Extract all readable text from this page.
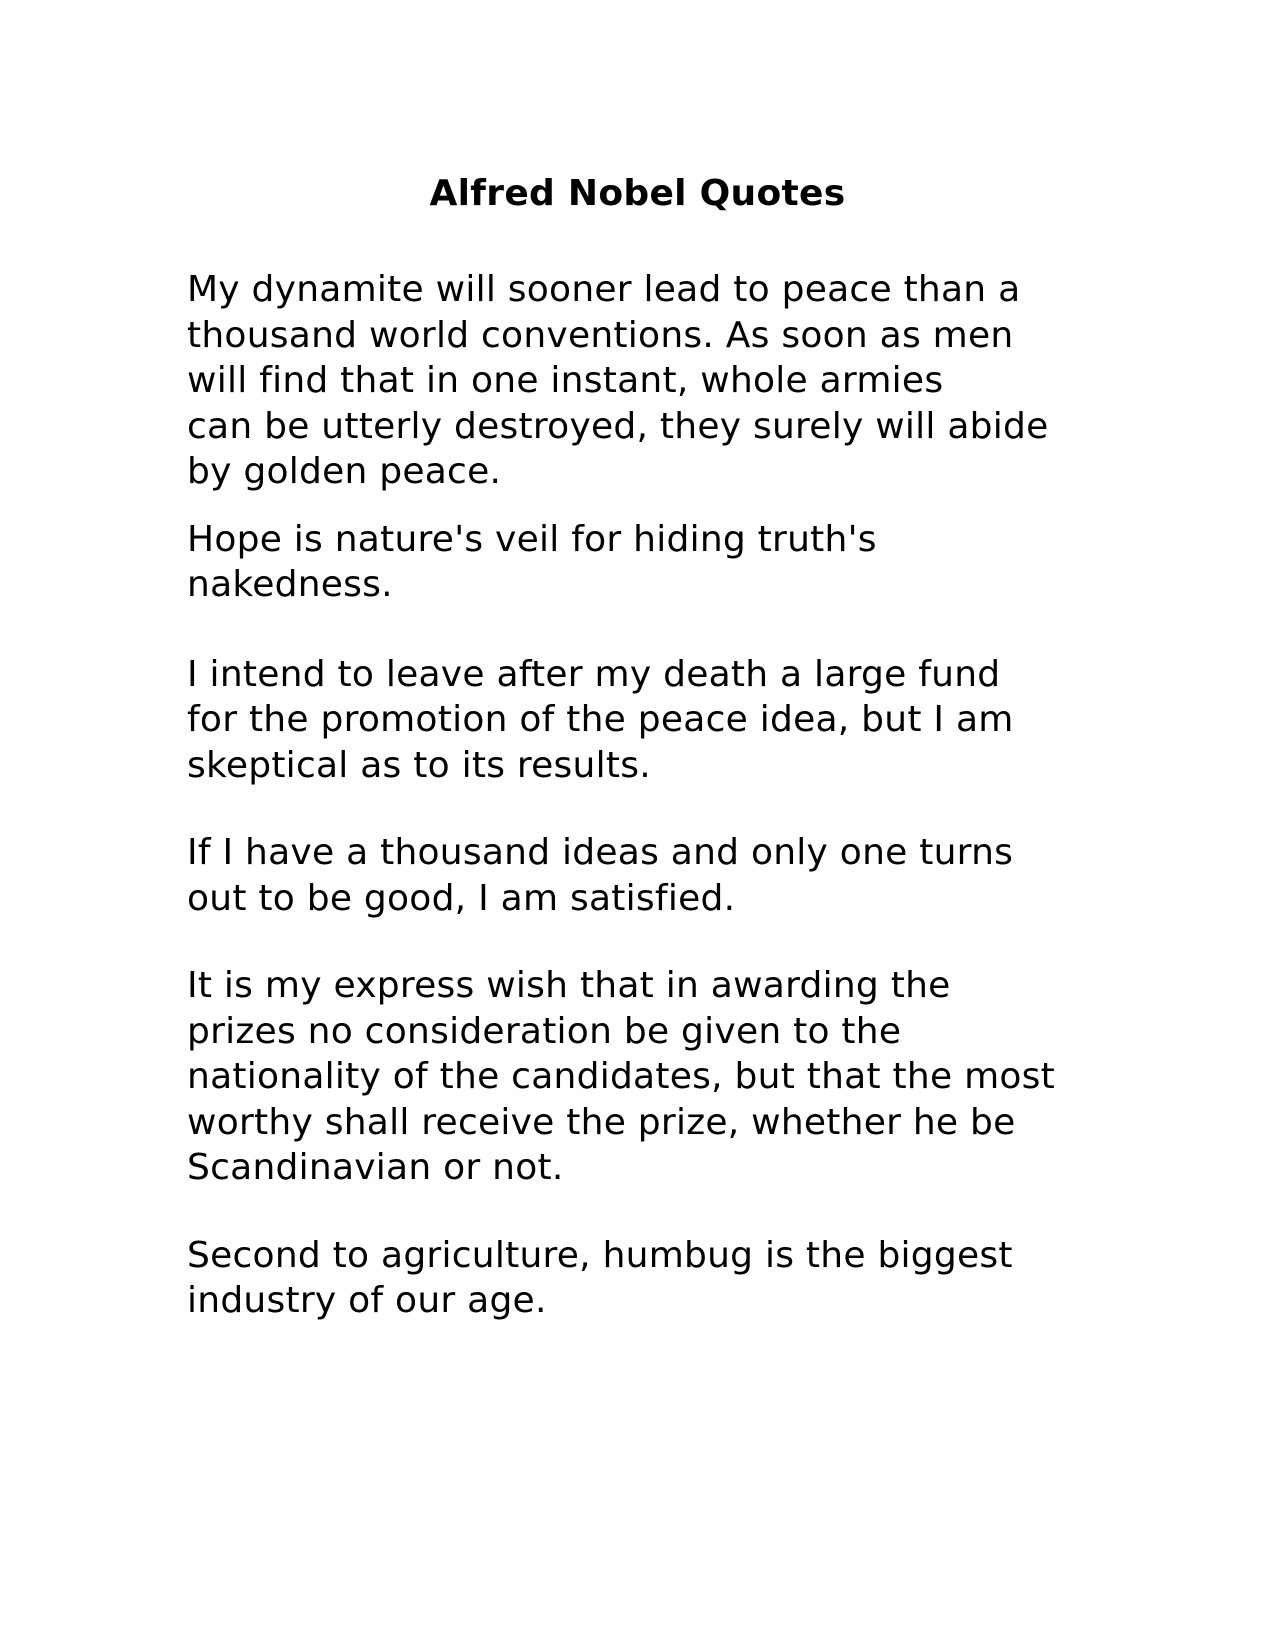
Alfred Nobel Quotes

My dynamite will sooner lead to peace than a
thousand world conventions. As soon as men
will find that in one instant, whole armies
can be utterly destroyed, they surely will abide
by golden peace.

Hope is nature's veil for hiding truth's
nakedness.

I intend to leave after my death a large fund
for the promotion of the peace idea, but I am
skeptical as to its results.

If I have a thousand ideas and only one turns
out to be good, I am satisfied.

It is my express wish that in awarding the
prizes no consideration be given to the
nationality of the candidates, but that the most
worthy shall receive the prize, whether he be
Scandinavian or not.

Second to agriculture, humbug is the biggest
industry of our age.
